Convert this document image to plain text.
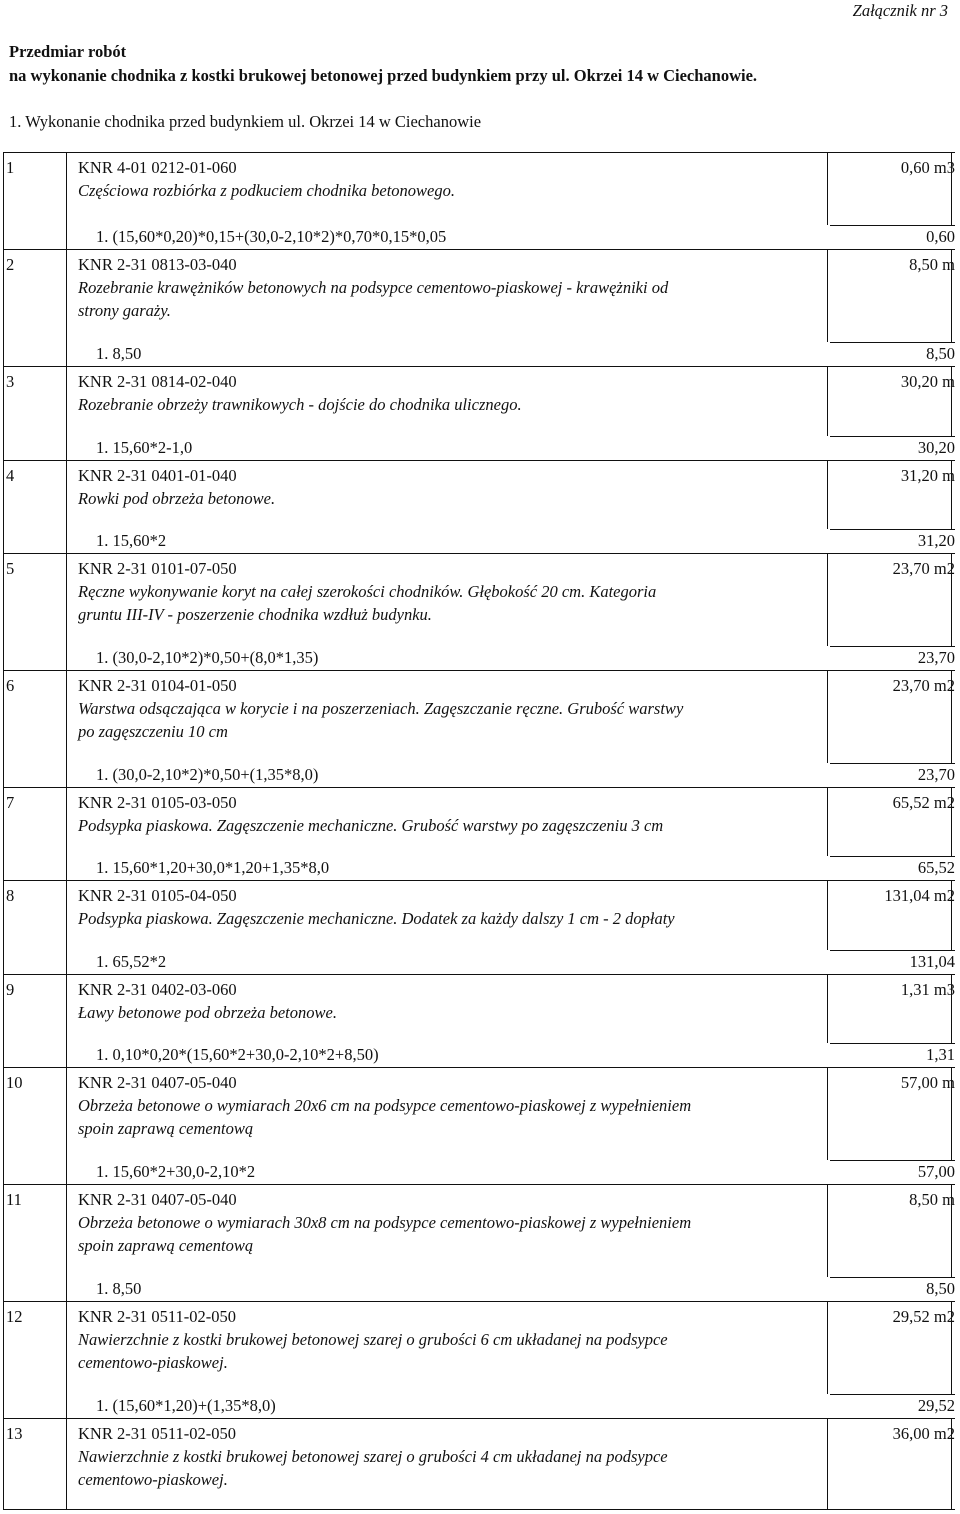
Załącznik nr 3
Przedmiar robót
na wykonanie chodnika z kostki brukowej betonowej przed budynkiem przy ul. Okrzei 14 w Ciechanowie.
1. Wykonanie chodnika przed budynkiem ul. Okrzei 14 w Ciechanowie
1	KNR 4-01 0212-01-060
Częściowa rozbiórka z podkuciem chodnika betonowego.
0,60 m3
1. (15,60*0,20)*0,15+(30,0-2,10*2)*0,70*0,15*0,05	0,60
2	KNR 2-31 0813-03-040
Rozebranie krawężników betonowych na podsypce cementowo-piaskowej - krawężniki od
strony garaży.
8,50 m
1. 8,50	8,50
3	KNR 2-31 0814-02-040
Rozebranie obrzeży trawnikowych - dojście do chodnika ulicznego.
30,20 m
1. 15,60*2-1,0	30,20
4	KNR 2-31 0401-01-040
Rowki pod obrzeża betonowe.
31,20 m
1. 15,60*2	31,20
5	KNR 2-31 0101-07-050
Ręczne wykonywanie koryt na całej szerokości chodników. Głębokość 20 cm. Kategoria
gruntu III-IV - poszerzenie chodnika wzdłuż budynku.
23,70 m2
1. (30,0-2,10*2)*0,50+(8,0*1,35)	23,70
6	KNR 2-31 0104-01-050
Warstwa odsączająca w korycie i na poszerzeniach. Zagęszczanie ręczne. Grubość warstwy
po zagęszczeniu 10 cm
23,70 m2
1. (30,0-2,10*2)*0,50+(1,35*8,0)	23,70
7	KNR 2-31 0105-03-050
Podsypka piaskowa. Zagęszczenie mechaniczne. Grubość warstwy po zagęszczeniu 3 cm
65,52 m2
1. 15,60*1,20+30,0*1,20+1,35*8,0	65,52
8	KNR 2-31 0105-04-050
Podsypka piaskowa. Zagęszczenie mechaniczne. Dodatek za każdy dalszy 1 cm - 2 dopłaty
131,04 m2
1. 65,52*2	131,04
9	KNR 2-31 0402-03-060
Ławy betonowe pod obrzeża betonowe.
1,31 m3
1. 0,10*0,20*(15,60*2+30,0-2,10*2+8,50)	1,31
10	KNR 2-31 0407-05-040
Obrzeża betonowe o wymiarach 20x6 cm na podsypce cementowo-piaskowej z wypełnieniem
spoin zaprawą cementową
57,00 m
1. 15,60*2+30,0-2,10*2	57,00
11	KNR 2-31 0407-05-040
Obrzeża betonowe o wymiarach 30x8 cm na podsypce cementowo-piaskowej z wypełnieniem
spoin zaprawą cementową
8,50 m
1. 8,50	8,50
12	KNR 2-31 0511-02-050
Nawierzchnie z kostki brukowej betonowej szarej o grubości 6 cm układanej na podsypce
cementowo-piaskowej.
29,52 m2
1. (15,60*1,20)+(1,35*8,0)	29,52
13	KNR 2-31 0511-02-050
Nawierzchnie z kostki brukowej betonowej szarej o grubości 4 cm układanej na podsypce
cementowo-piaskowej.
36,00 m2
